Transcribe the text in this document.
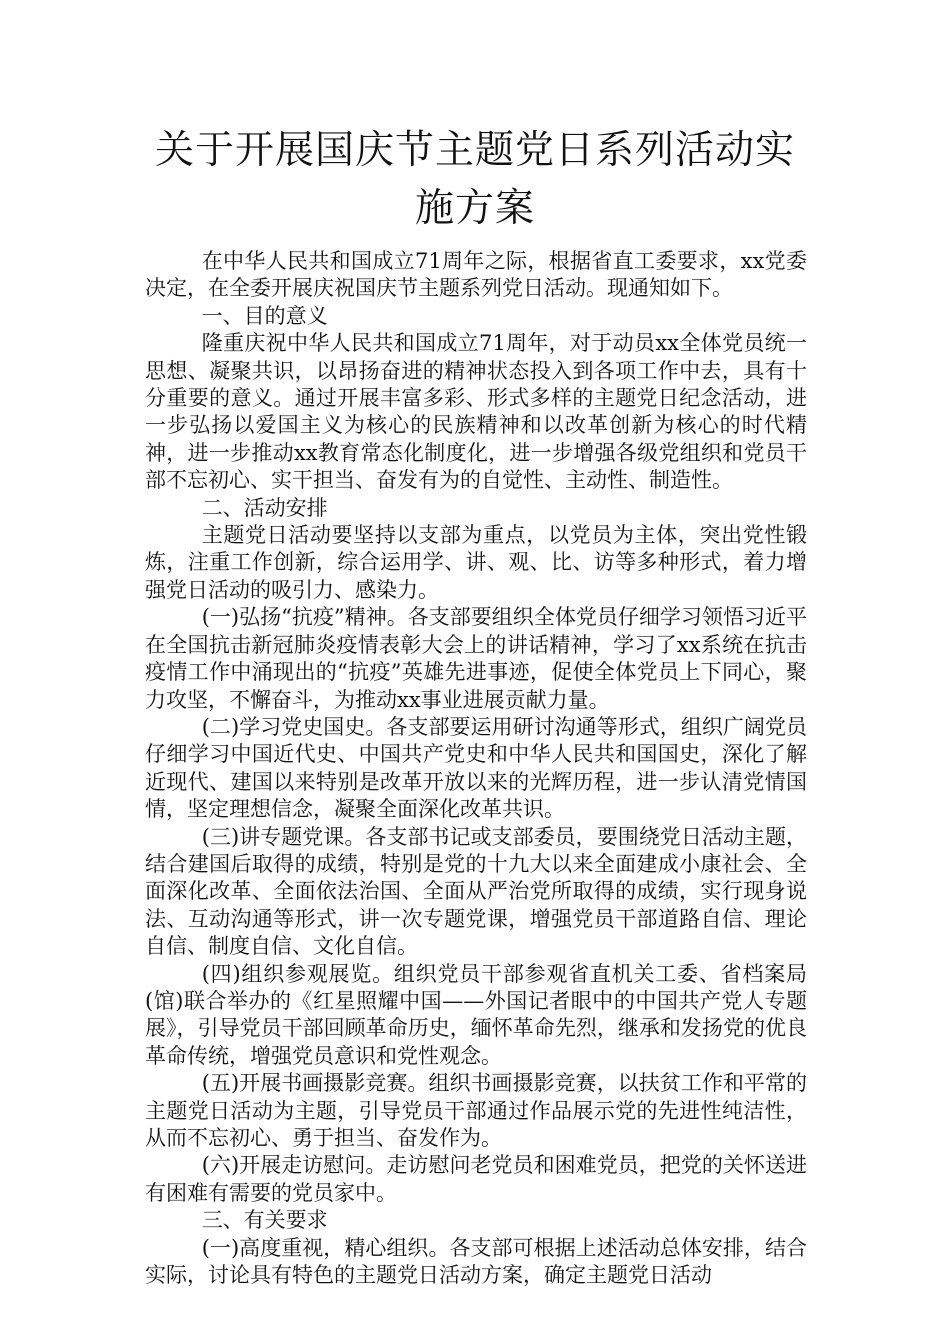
关于开展国庆节主题党日系列活动实施方案

在中华人民共和国成立71周年之际，根据省直工委要求，xx党委决定，在全委开展庆祝国庆节主题系列党日活动。现通知如下。

一、目的意义

隆重庆祝中华人民共和国成立71周年，对于动员xx全体党员统一思想、凝聚共识，以昂扬奋进的精神状态投入到各项工作中去，具有十分重要的意义。通过开展丰富多彩、形式多样的主题党日纪念活动，进一步弘扬以爱国主义为核心的民族精神和以改革创新为核心的时代精神，进一步推动xx教育常态化制度化，进一步增强各级党组织和党员干部不忘初心、实干担当、奋发有为的自觉性、主动性、制造性。

二、活动安排

主题党日活动要坚持以支部为重点，以党员为主体，突出党性锻炼，注重工作创新，综合运用学、讲、观、比、访等多种形式，着力增强党日活动的吸引力、感染力。

(一)弘扬“抗疫”精神。各支部要组织全体党员仔细学习领悟习近平在全国抗击新冠肺炎疫情表彰大会上的讲话精神，学习了xx系统在抗击疫情工作中涌现出的“抗疫”英雄先进事迹，促使全体党员上下同心，聚力攻坚，不懈奋斗，为推动xx事业进展贡献力量。

(二)学习党史国史。各支部要运用研讨沟通等形式，组织广阔党员仔细学习中国近代史、中国共产党史和中华人民共和国国史，深化了解近现代、建国以来特别是改革开放以来的光辉历程，进一步认清党情国情，坚定理想信念，凝聚全面深化改革共识。

(三)讲专题党课。各支部书记或支部委员，要围绕党日活动主题，结合建国后取得的成绩，特别是党的十九大以来全面建成小康社会、全面深化改革、全面依法治国、全面从严治党所取得的成绩，实行现身说法、互动沟通等形式，讲一次专题党课，增强党员干部道路自信、理论自信、制度自信、文化自信。

(四)组织参观展览。组织党员干部参观省直机关工委、省档案局(馆)联合举办的《红星照耀中国——外国记者眼中的中国共产党人专题展》，引导党员干部回顾革命历史，缅怀革命先烈，继承和发扬党的优良革命传统，增强党员意识和党性观念。

(五)开展书画摄影竞赛。组织书画摄影竞赛，以扶贫工作和平常的主题党日活动为主题，引导党员干部通过作品展示党的先进性纯洁性，从而不忘初心、勇于担当、奋发作为。

(六)开展走访慰问。走访慰问老党员和困难党员，把党的关怀送进有困难有需要的党员家中。

三、有关要求

(一)高度重视，精心组织。各支部可根据上述活动总体安排，结合实际，讨论具有特色的主题党日活动方案，确定主题党日活动
